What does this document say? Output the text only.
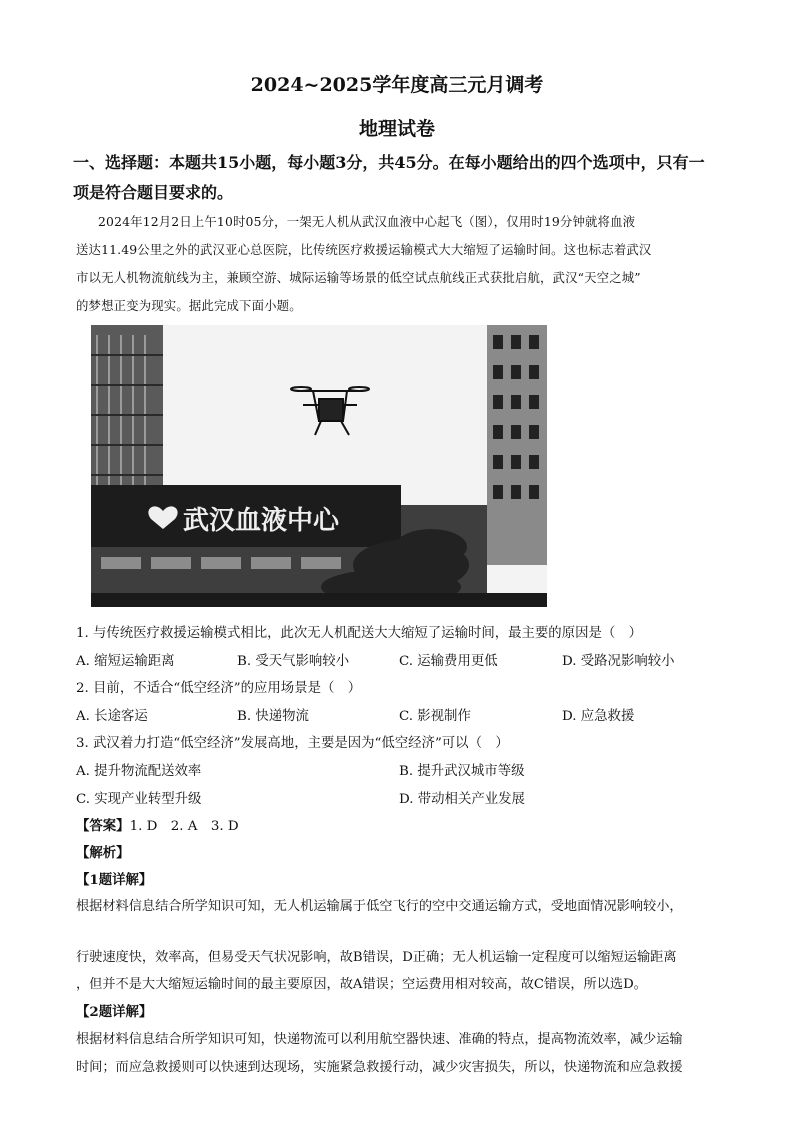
2024~2025学年度高三元月调考
地理试卷
一、选择题：本题共15小题，每小题3分，共45分。在每小题给出的四个选项中，只有一
项是符合题目要求的。
2024年12月2日上午10时05分，一架无人机从武汉血液中心起飞（图），仅用时19分钟就将血液
送达11.49公里之外的武汉亚心总医院，比传统医疗救援运输模式大大缩短了运输时间。这也标志着武汉
市以无人机物流航线为主，兼顾空游、城际运输等场景的低空试点航线正式获批启航，武汉“天空之城”
的梦想正变为现实。据此完成下面小题。
武汉血液中心
1. 与传统医疗救援运输模式相比，此次无人机配送大大缩短了运输时间，最主要的原因是（　）
A. 缩短运输距离	B. 受天气影响较小	C. 运输费用更低	D. 受路况影响较小
2. 目前，不适合“低空经济”的应用场景是（　）
A. 长途客运	B. 快递物流	C. 影视制作	D. 应急救援
3. 武汉着力打造“低空经济”发展高地，主要是因为“低空经济”可以（　）
A. 提升物流配送效率	B. 提升武汉城市等级
C. 实现产业转型升级	D. 带动相关产业发展
【答案】1. D　2. A　3. D
【解析】
【1题详解】
根据材料信息结合所学知识可知，无人机运输属于低空飞行的空中交通运输方式，受地面情况影响较小，
行驶速度快，效率高，但易受天气状况影响，故B错误，D正确；无人机运输一定程度可以缩短运输距离
，但并不是大大缩短运输时间的最主要原因，故A错误；空运费用相对较高，故C错误，所以选D。
【2题详解】
根据材料信息结合所学知识可知，快递物流可以利用航空器快速、准确的特点，提高物流效率，减少运输
时间；而应急救援则可以快速到达现场，实施紧急救援行动，减少灾害损失，所以，快递物流和应急救援
